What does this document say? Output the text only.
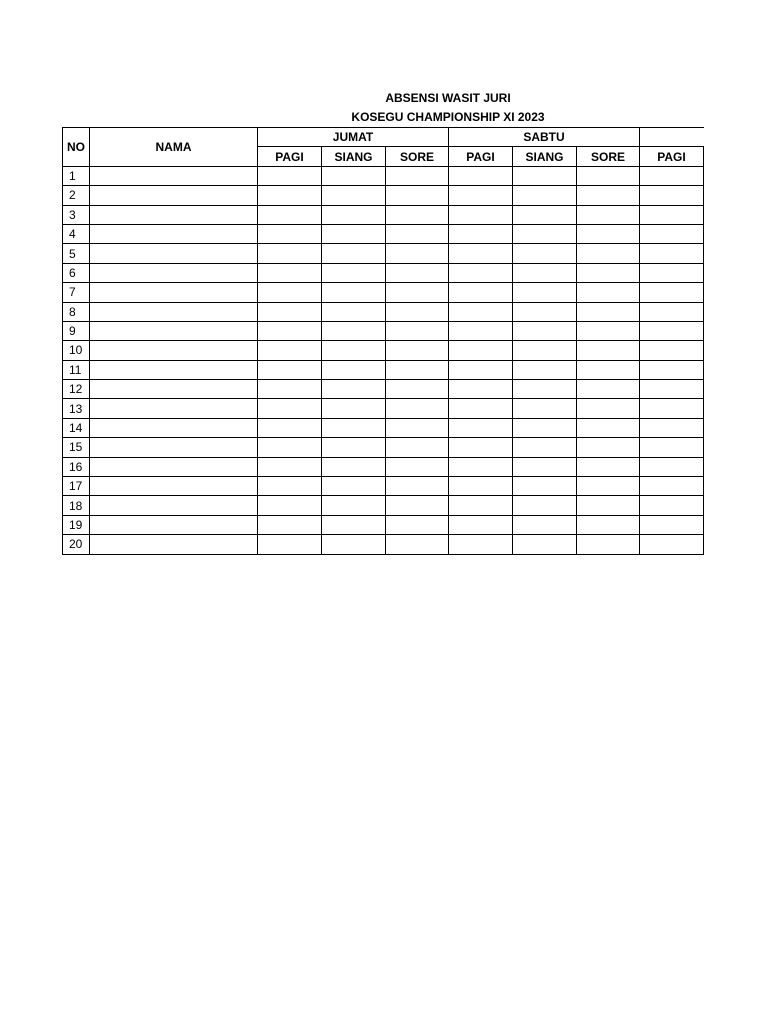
ABSENSI WASIT JURI
KOSEGU CHAMPIONSHIP XI 2023
NO	NAMA	JUMAT			SABTU			
		PAGI	SIANG	SORE	PAGI	SIANG	SORE	PAGI
1								
2								
3								
4								
5								
6								
7								
8								
9								
10								
11								
12								
13								
14								
15								
16								
17								
18								
19								
20								
